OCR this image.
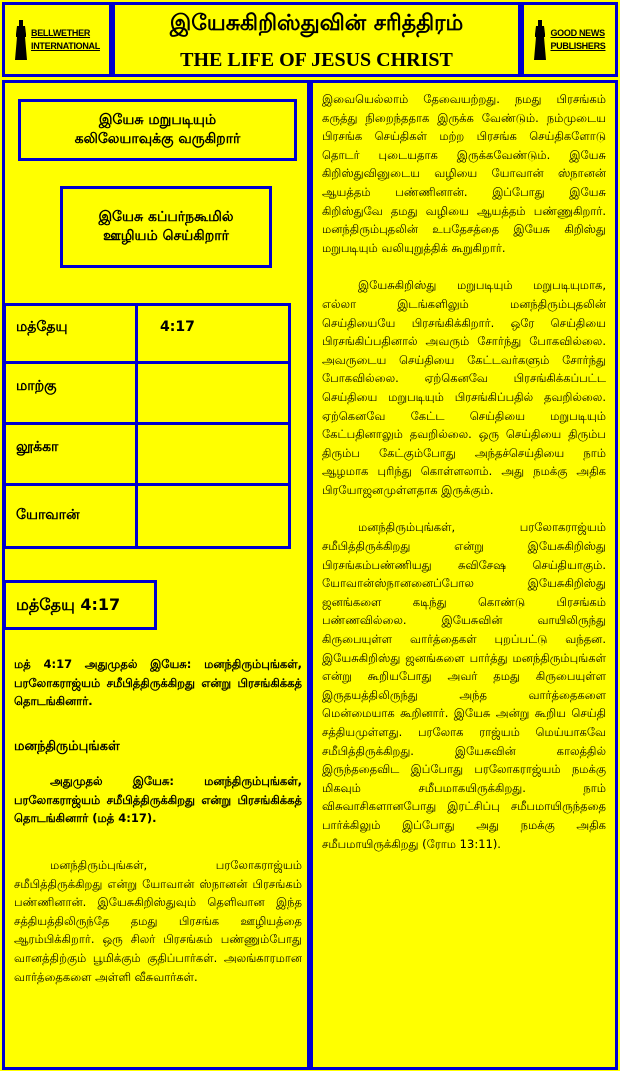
BELLWETHER
INTERNATIONAL
இயேசுகிறிஸ்துவின் சரித்திரம்
THE LIFE OF JESUS CHRIST
GOOD NEWS
PUBLISHERS
இயேசு மறுபடியும் கலிலேயாவுக்கு வருகிறார்
இயேசு கப்பர்நகூமில் ஊழியம் செய்கிறார்
மத்தேயு	4:17
மாற்கு
லூக்கா
யோவான்
மத்தேயு 4:17
மத் 4:17 அதுமுதல் இயேசு: மனந்திரும்புங்கள், பரலோகராஜ்யம் சமீபித்திருக்கிறது என்று பிரசங்கிக்கத் தொடங்கினார்.
மனந்திரும்புங்கள்
அதுமுதல் இயேசு: மனந்திரும்புங்கள், பரலோகராஜ்யம் சமீபித்திருக்கிறது என்று பிரசங்கிக்கத் தொடங்கினார் (மத் 4:17).
மனந்திரும்புங்கள், பரலோகராஜ்யம் சமீபித்திருக்கிறது என்று யோவான் ஸ்நானன் பிரசங்கம் பண்ணினான். இயேசுகிறிஸ்துவும் தெளிவான இந்த சத்தியத்திலிருந்தே தமது பிரசங்க ஊழியத்தை ஆரம்பிக்கிறார். ஒரு சிலர் பிரசங்கம் பண்ணும்போது வானத்திற்கும் பூமிக்கும் குதிப்பார்கள். அலங்காரமான வார்த்தைகளை அள்ளி வீசுவார்கள்.

இவையெல்லாம் தேவையற்றது. நமது பிரசங்கம் கருத்து நிறைந்ததாக இருக்க வேண்டும். நம்முடைய பிரசங்க செய்திகள் மற்ற பிரசங்க செய்திகளோடு தொடர் புடையதாக இருக்கவேண்டும். இயேசு கிறிஸ்துவினுடைய வழியை யோவான் ஸ்நானன் ஆயத்தம் பண்ணினான். இப்போது இயேசு கிறிஸ்துவே தமது வழியை ஆயத்தம் பண்ணுகிறார். மனந்திரும்புதலின் உபதேசத்தை இயேசு கிறிஸ்து மறுபடியும் வலியுறுத்திக் கூறுகிறார்.

இயேசுகிறிஸ்து மறுபடியும் மறுபடியுமாக, எல்லா இடங்களிலும் மனந்திரும்புதலின் செய்தியையே பிரசங்கிக்கிறார். ஒரே செய்தியை பிரசங்கிப்பதினால் அவரும் சோர்ந்து போகவில்லை. அவருடைய செய்தியை கேட்டவர்களும் சோர்ந்து போகவில்லை. ஏற்கெனவே பிரசங்கிக்கப்பட்ட செய்தியை மறுபடியும் பிரசங்கிப்பதில் தவறில்லை. ஏற்கெனவே கேட்ட செய்தியை மறுபடியும் கேட்பதினாலும் தவறில்லை. ஒரு செய்தியை திரும்ப திரும்ப கேட்கும்போது அந்தச்செய்தியை நாம் ஆழமாக புரிந்து கொள்ளலாம். அது நமக்கு அதிக பிரயோஜனமுள்ளதாக இருக்கும்.

மனந்திரும்புங்கள், பரலோகராஜ்யம் சமீபித்திருக்கிறது என்று இயேசுகிறிஸ்து பிரசங்கம்பண்ணியது சுவிசேஷ செய்தியாகும். யோவான்ஸ்நானனைப்போல இயேசுகிறிஸ்து ஜனங்களை கடிந்து கொண்டு பிரசங்கம் பண்ணவில்லை. இயேசுவின் வாயிலிருந்து கிருபையுள்ள வார்த்தைகள் புறப்பட்டு வந்தன. இயேசுகிறிஸ்து ஜனங்களை பார்த்து மனந்திரும்புங்கள் என்று கூறியபோது அவர் தமது கிருபையுள்ள இருதயத்திலிருந்து அந்த வார்த்தைகளை மென்மையாக கூறினார். இயேசு அன்று கூறிய செய்தி சத்தியமுள்ளது. பரலோக ராஜ்யம் மெய்யாகவே சமீபித்திருக்கிறது. இயேசுவின் காலத்தில் இருந்ததைவிட இப்போது பரலோகராஜ்யம் நமக்கு மிகவும் சமீபமாகயிருக்கிறது. நாம் விசுவாசிகளானபோது இரட்சிப்பு சமீபமாயிருந்ததை பார்க்கிலும் இப்போது அது நமக்கு அதிக சமீபமாயிருக்கிறது (ரோம 13:11).
